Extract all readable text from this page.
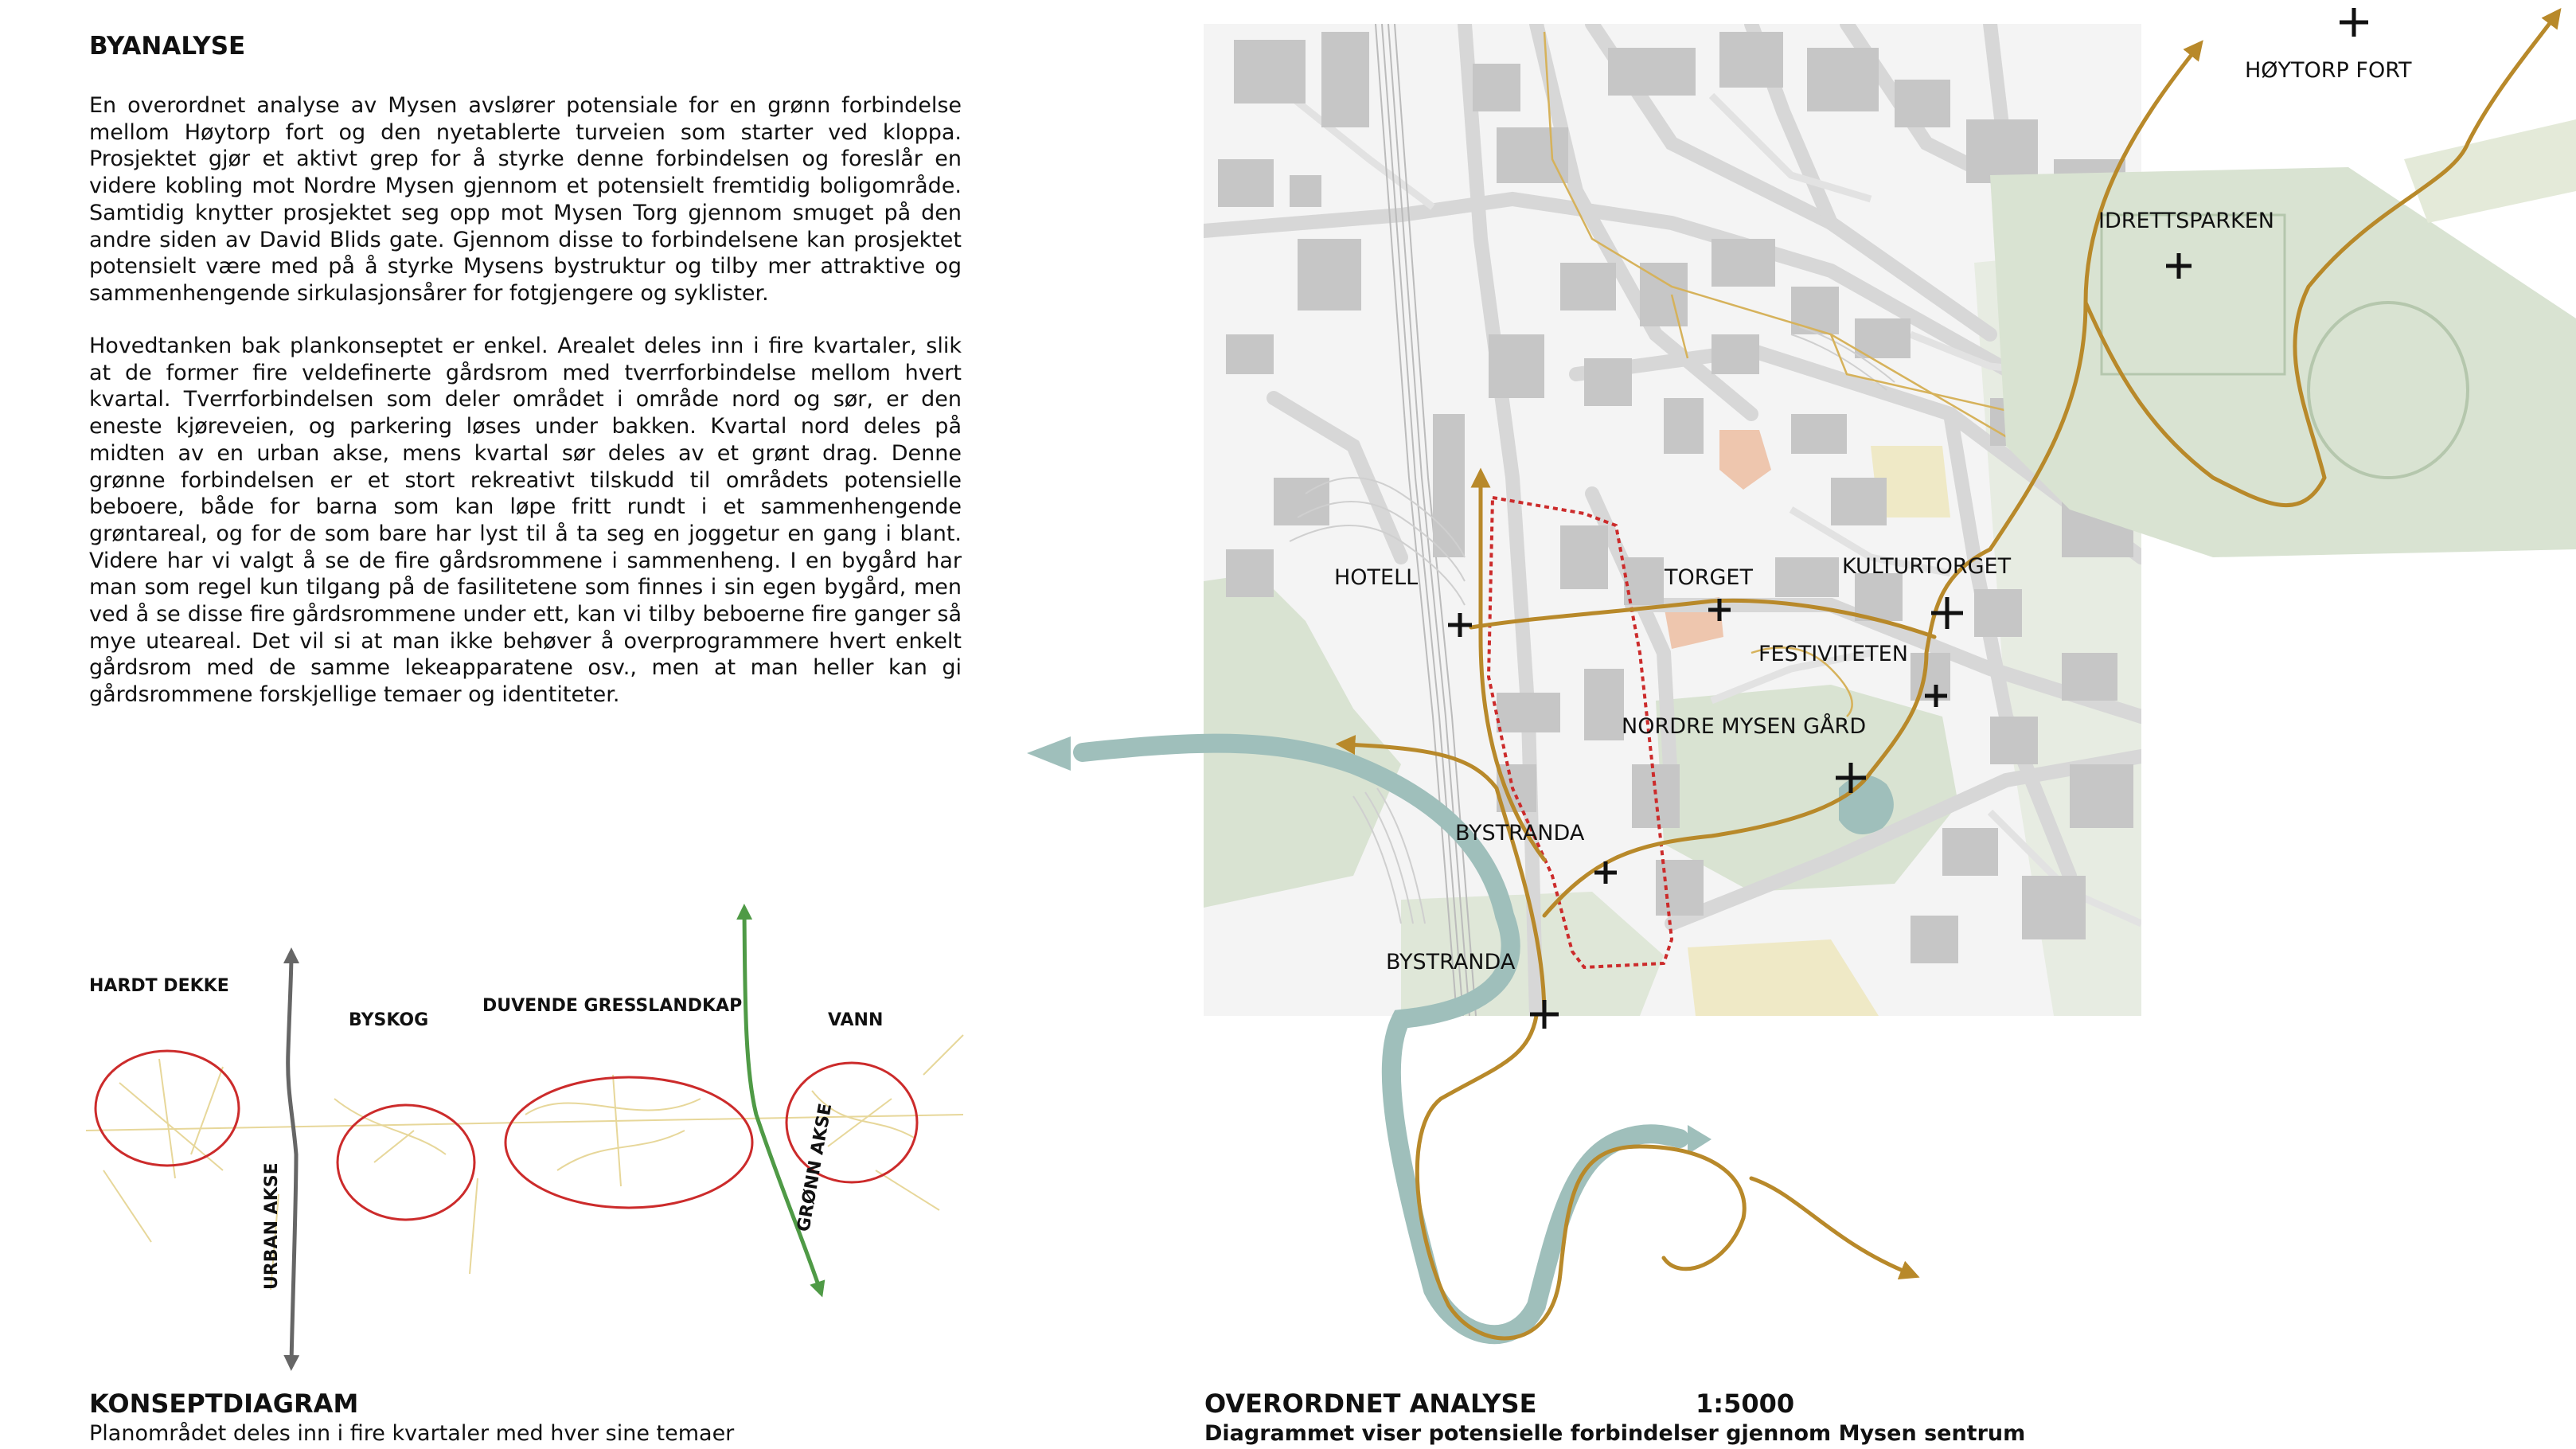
BYANALYSE

En overordnet analyse av Mysen avslører potensiale for en grønn forbindelse mellom Høytorp fort og den nyetablerte turveien som starter ved kloppa. Prosjektet gjør et aktivt grep for å styrke denne forbindelsen og foreslår en videre kobling mot Nordre Mysen gjennom et potensielt fremtidig boligområde. Samtidig knytter prosjektet seg opp mot Mysen Torg gjennom smuget på den andre siden av David Blids gate. Gjennom disse to forbindelsene kan prosjektet potensielt være med på å styrke Mysens bystruktur og tilby mer attraktive og sammenhengende sirkulasjonsårer for fotgjengere og syklister.

Hovedtanken bak plankonseptet er enkel. Arealet deles inn i fire kvartaler, slik at de former fire veldefinerte gårdsrom med tverrforbindelse mellom hvert kvartal. Tverrforbindelsen som deler området i område nord og sør, er den eneste kjøreveien, og parkering løses under bakken. Kvartal nord deles på midten av en urban akse, mens kvartal sør deles av et grønt drag. Denne grønne forbindelsen er et stort rekreativt tilskudd til områdets potensielle beboere, både for barna som kan løpe fritt rundt i et sammenhengende grøntareal, og for de som bare har lyst til å ta seg en joggetur en gang i blant. Videre har vi valgt å se de fire gårdsrommene i sammenheng. I en bygård har man som regel kun tilgang på de fasilitetene som finnes i sin egen bygård, men ved å se disse fire gårdsrommene under ett, kan vi tilby beboerne fire ganger så mye uteareal. Det vil si at man ikke behøver å overprogrammere hvert enkelt gårdsrom med de samme lekeapparatene osv., men at man heller kan gi gårdsrommene forskjellige temaer og identiteter.

HØYTORP FORT
IDRETTSPARKEN
HOTELL	TORGET	KULTURTORGET
FESTIVITETEN
NORDRE MYSEN GÅRD
BYSTRANDA
BYSTRANDA
HARDT DEKKE
BYSKOG
DUVENDE GRESSLANDKAP
VANN
URBAN AKSE	GRØNN AKSE
KONSEPTDIAGRAM
Planområdet deles inn i fire kvartaler med hver sine temaer
OVERORDNET ANALYSE	1:5000
Diagrammet viser potensielle forbindelser gjennom Mysen sentrum
